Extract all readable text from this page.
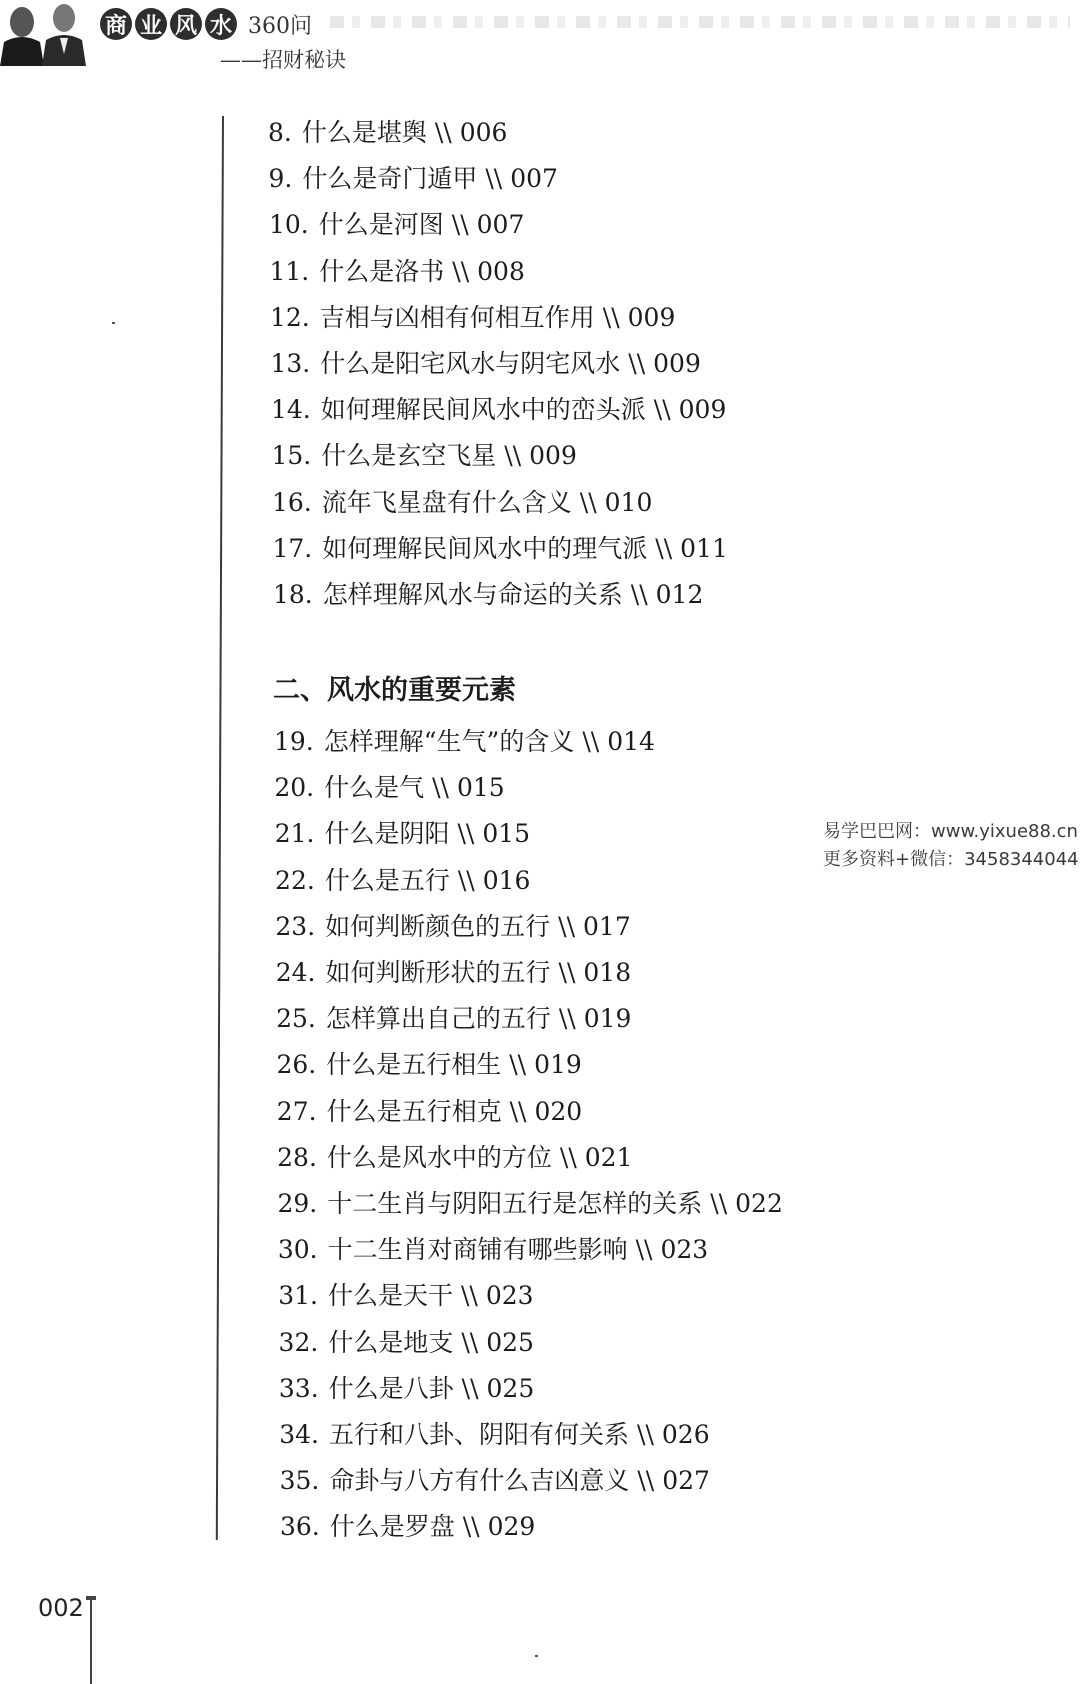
商 业 风 水 360问
——招财秘诀
8. 什么是堪舆 \\ 006
9. 什么是奇门遁甲 \\ 007
10. 什么是河图 \\ 007
11. 什么是洛书 \\ 008
12. 吉相与凶相有何相互作用 \\ 009
13. 什么是阳宅风水与阴宅风水 \\ 009
14. 如何理解民间风水中的峦头派 \\ 009
15. 什么是玄空飞星 \\ 009
16. 流年飞星盘有什么含义 \\ 010
17. 如何理解民间风水中的理气派 \\ 011
18. 怎样理解风水与命运的关系 \\ 012
19. 怎样理解“生气”的含义 \\ 014
20. 什么是气 \\ 015
21. 什么是阴阳 \\ 015
22. 什么是五行 \\ 016
23. 如何判断颜色的五行 \\ 017
24. 如何判断形状的五行 \\ 018
25. 怎样算出自己的五行 \\ 019
26. 什么是五行相生 \\ 019
27. 什么是五行相克 \\ 020
28. 什么是风水中的方位 \\ 021
29. 十二生肖与阴阳五行是怎样的关系 \\ 022
30. 十二生肖对商铺有哪些影响 \\ 023
31. 什么是天干 \\ 023
32. 什么是地支 \\ 025
33. 什么是八卦 \\ 025
34. 五行和八卦、阴阳有何关系 \\ 026
35. 命卦与八方有什么吉凶意义 \\ 027
36. 什么是罗盘 \\ 029
二、风水的重要元素
易学巴巴网：www.yixue88.cn
更多资料+微信：3458344044
002
